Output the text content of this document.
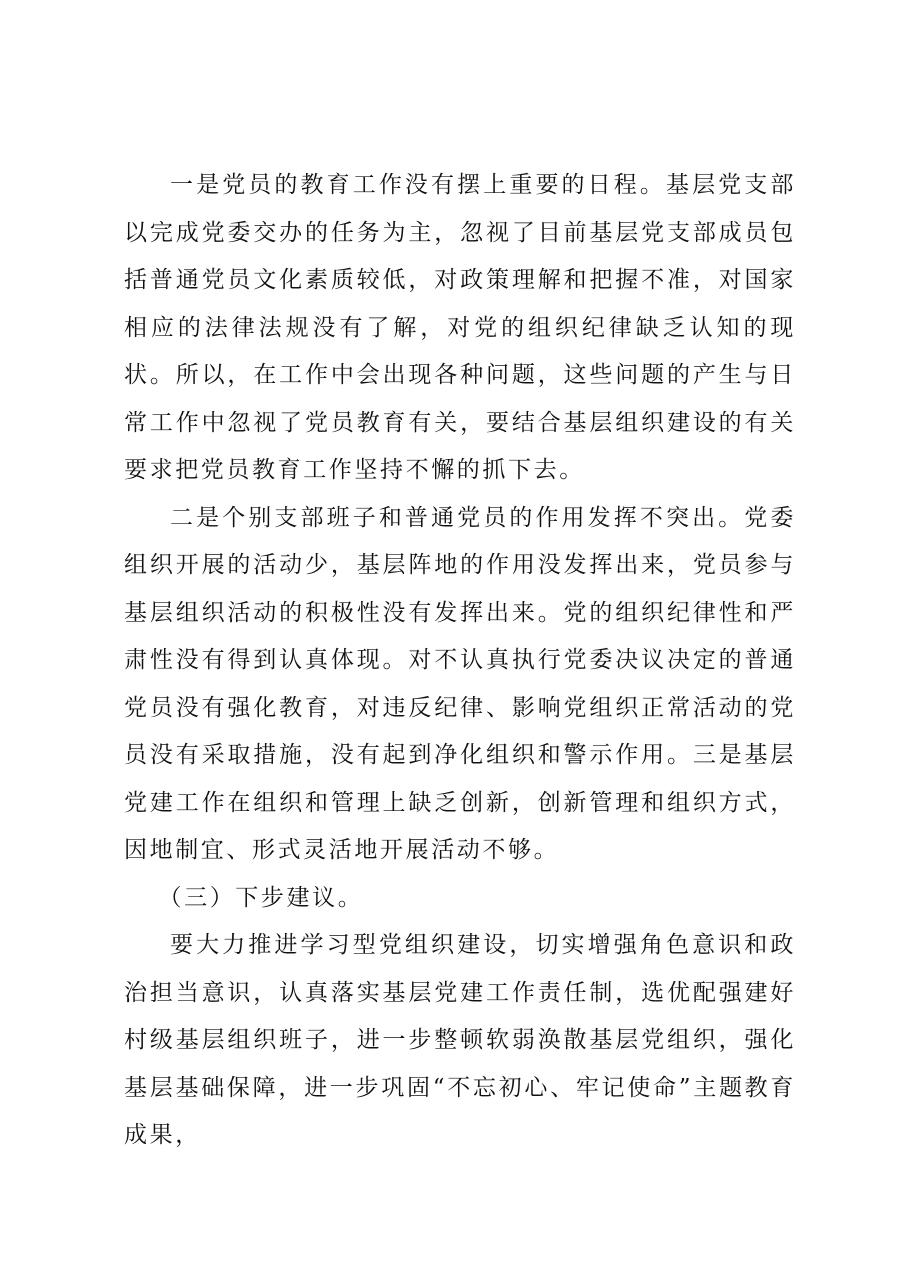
一是党员的教育工作没有摆上重要的日程。基层党支部以完成党委交办的任务为主，忽视了目前基层党支部成员包括普通党员文化素质较低，对政策理解和把握不准，对国家相应的法律法规没有了解，对党的组织纪律缺乏认知的现状。所以，在工作中会出现各种问题，这些问题的产生与日常工作中忽视了党员教育有关，要结合基层组织建设的有关要求把党员教育工作坚持不懈的抓下去。

二是个别支部班子和普通党员的作用发挥不突出。党委组织开展的活动少，基层阵地的作用没发挥出来，党员参与基层组织活动的积极性没有发挥出来。党的组织纪律性和严肃性没有得到认真体现。对不认真执行党委决议决定的普通党员没有强化教育，对违反纪律、影响党组织正常活动的党员没有采取措施，没有起到净化组织和警示作用。三是基层党建工作在组织和管理上缺乏创新，创新管理和组织方式，因地制宜、形式灵活地开展活动不够。

（三）下步建议。

要大力推进学习型党组织建设，切实增强角色意识和政治担当意识，认真落实基层党建工作责任制，选优配强建好村级基层组织班子，进一步整顿软弱涣散基层党组织，强化基层基础保障，进一步巩固“不忘初心、牢记使命”主题教育成果，
